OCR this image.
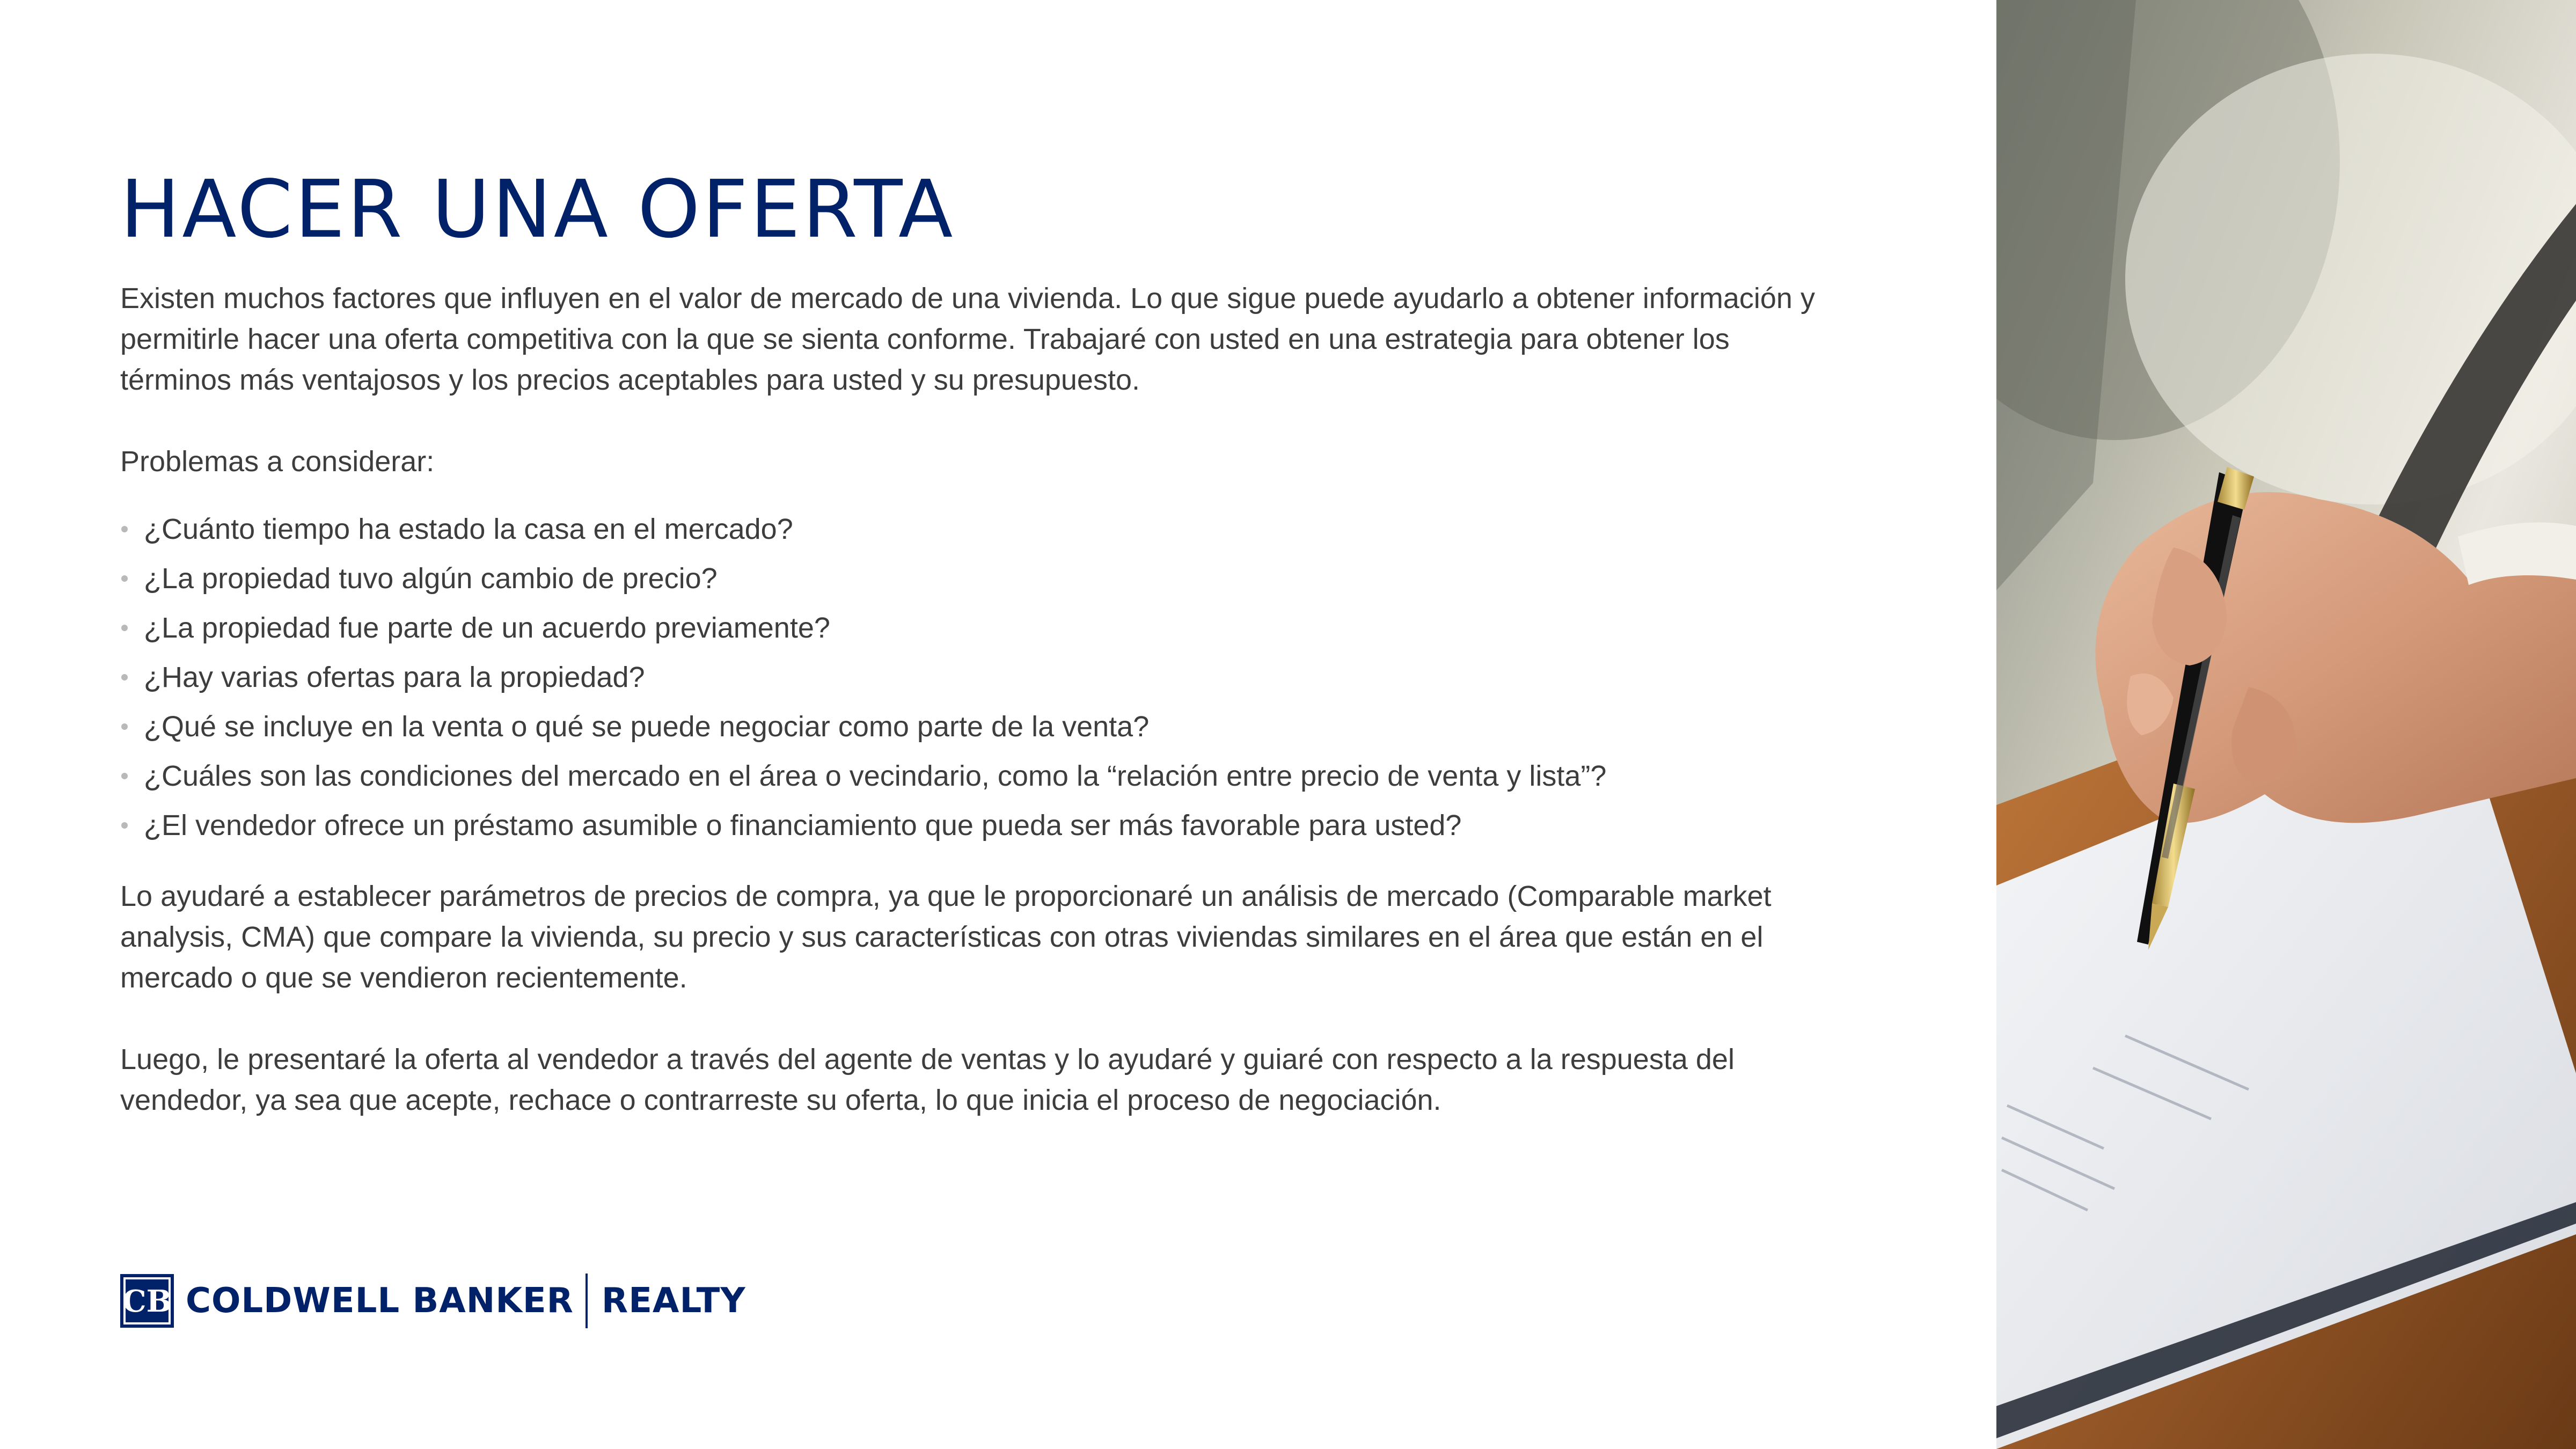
HACER UNA OFERTA

Existen muchos factores que influyen en el valor de mercado de una vivienda. Lo que sigue puede ayudarlo a obtener información y permitirle hacer una oferta competitiva con la que se sienta conforme. Trabajaré con usted en una estrategia para obtener los términos más ventajosos y los precios aceptables para usted y su presupuesto.

Problemas a considerar:

¿Cuánto tiempo ha estado la casa en el mercado?
¿La propiedad tuvo algún cambio de precio?
¿La propiedad fue parte de un acuerdo previamente?
¿Hay varias ofertas para la propiedad?
¿Qué se incluye en la venta o qué se puede negociar como parte de la venta?
¿Cuáles son las condiciones del mercado en el área o vecindario, como la “relación entre precio de venta y lista”?
¿El vendedor ofrece un préstamo asumible o financiamiento que pueda ser más favorable para usted?

Lo ayudaré a establecer parámetros de precios de compra, ya que le proporcionaré un análisis de mercado (Comparable market analysis, CMA) que compare la vivienda, su precio y sus características con otras viviendas similares en el área que están en el mercado o que se vendieron recientemente.

Luego, le presentaré la oferta al vendedor a través del agente de ventas y lo ayudaré y guiaré con respecto a la respuesta del vendedor, ya sea que acepte, rechace o contrarreste su oferta, lo que inicia el proceso de negociación.

CB COLDWELL BANKER REALTY
